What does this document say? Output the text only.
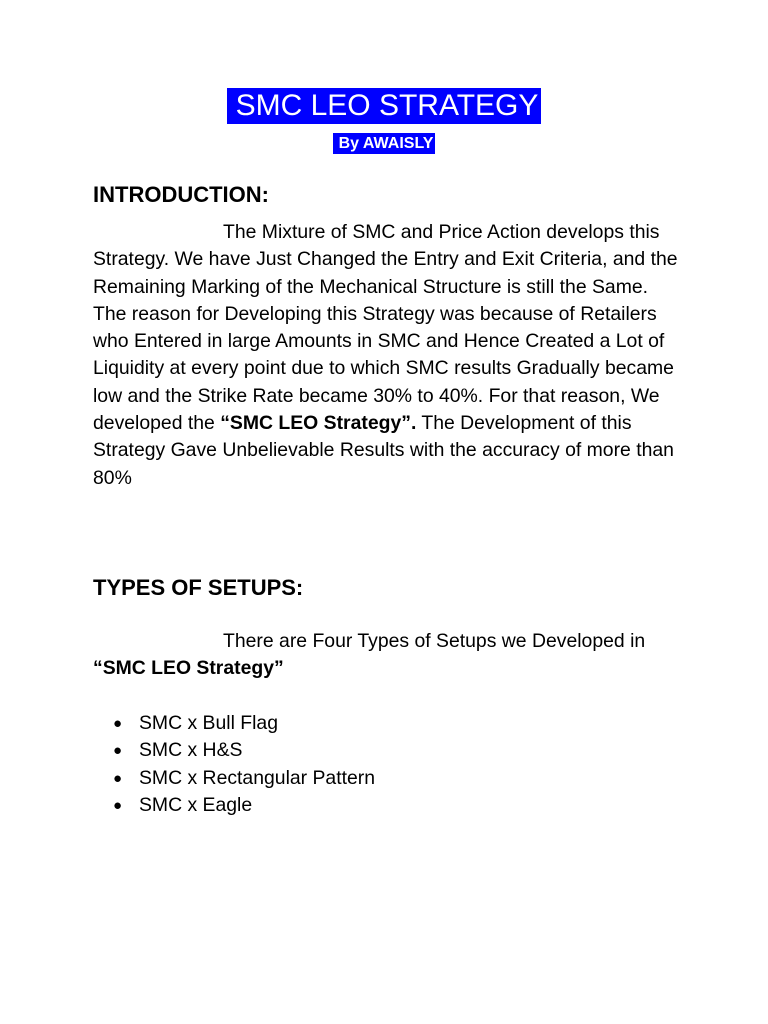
SMC LEO STRATEGY
By AWAISLY
INTRODUCTION:

The Mixture of SMC and Price Action develops this Strategy. We have Just Changed the Entry and Exit Criteria, and the Remaining Marking of the Mechanical Structure is still the Same. The reason for Developing this Strategy was because of Retailers who Entered in large Amounts in SMC and Hence Created a Lot of Liquidity at every point due to which SMC results Gradually became low and the Strike Rate became 30% to 40%. For that reason, We developed the “SMC LEO Strategy”. The Development of this Strategy Gave Unbelievable Results with the accuracy of more than 80%

TYPES OF SETUPS:

There are Four Types of Setups we Developed in “SMC LEO Strategy”

● SMC x Bull Flag
● SMC x H&S
● SMC x Rectangular Pattern
● SMC x Eagle
